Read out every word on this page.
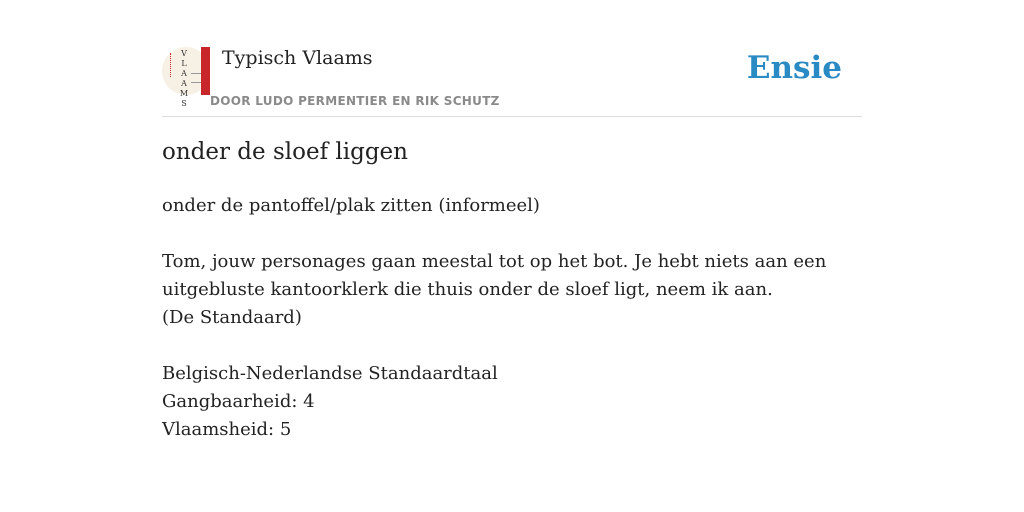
V
L
A
A
M
S
Typisch Vlaams
DOOR LUDO PERMENTIER EN RIK SCHUTZ
Ensie
onder de sloef liggen
onder de pantoffel/plak zitten (informeel)
Tom, jouw personages gaan meestal tot op het bot. Je hebt niets aan een
uitgebluste kantoorklerk die thuis onder de sloef ligt, neem ik aan.
(De Standaard)
Belgisch-Nederlandse Standaardtaal
Gangbaarheid: 4
Vlaamsheid: 5
